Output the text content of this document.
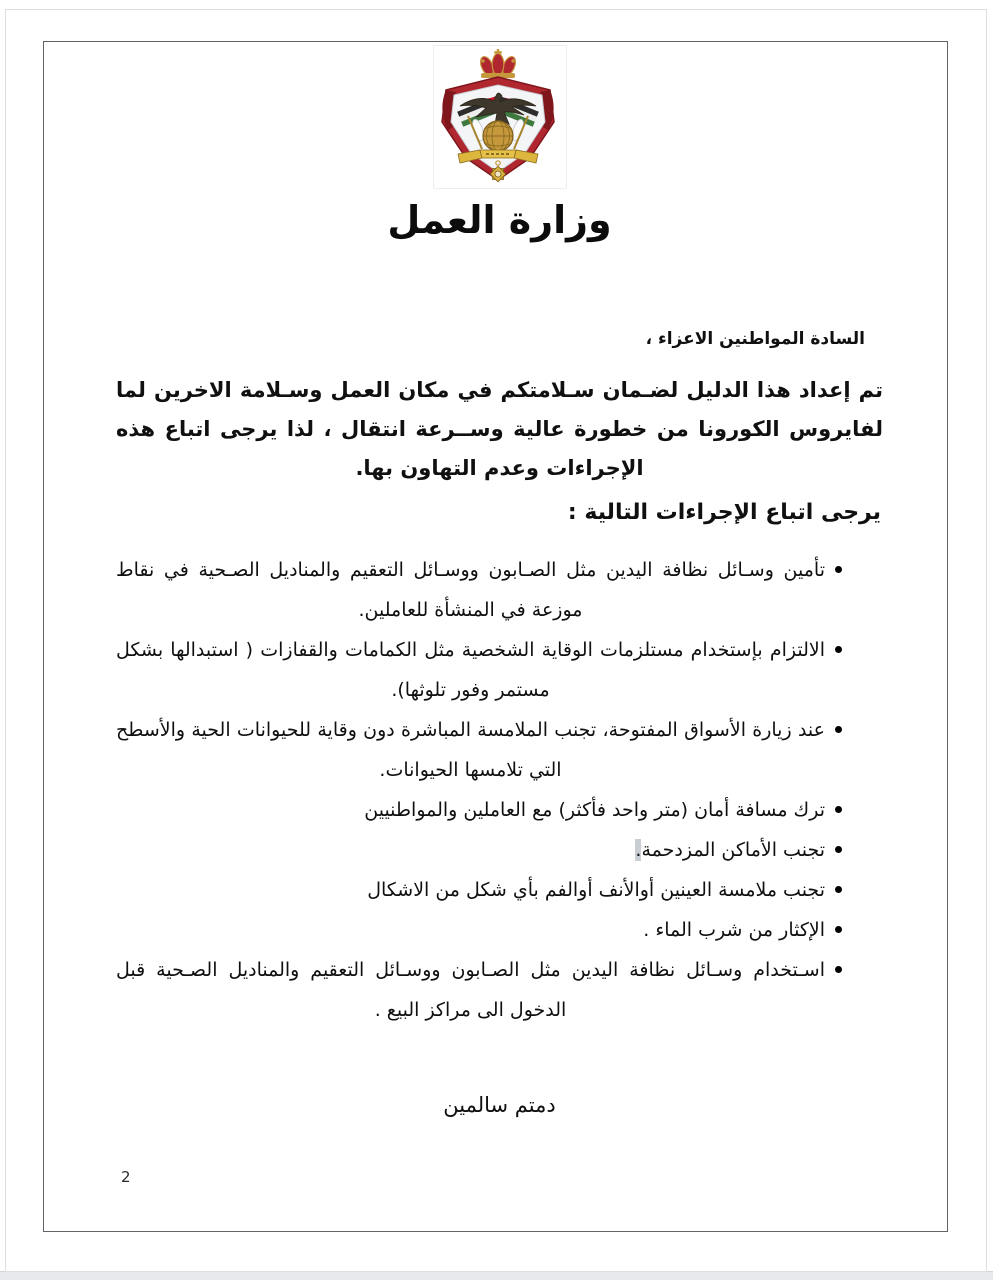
وزارة العمل
السادة المواطنين الاعزاء ،

تم إعداد هذا الدليل لضـمان سـلامتكم في مكان العمل وسـلامة الاخرين لما لفايروس الكورونا من خطورة عالية وســرعة انتقال ، لذا يرجى اتباع هذه الإجراءات وعدم التهاون بها.

يرجى اتباع الإجراءات التالية :
تأمين وسـائل نظافة اليدين مثل الصـابون ووسـائل التعقيم والمناديل الصـحية في نقاط موزعة في المنشأة للعاملين.
الالتزام بإستخدام مستلزمات الوقاية الشخصية مثل الكمامات والقفازات ( استبدالها بشكل مستمر وفور تلوثها).
عند زيارة الأسواق المفتوحة، تجنب الملامسة المباشرة دون وقاية للحيوانات الحية والأسطح التي تلامسها الحيوانات.
ترك مسافة أمان (متر واحد فأكثر) مع العاملين والمواطنيين
تجنب الأماكن المزدحمة.
تجنب ملامسة العينين أوالأنف أوالفم بأي شكل من الاشكال
الإكثار من شرب الماء .
اسـتخدام وسـائل نظافة اليدين مثل الصـابون ووسـائل التعقيم والمناديل الصـحية قبل الدخول الى مراكز البيع .
دمتم سالمين
2
